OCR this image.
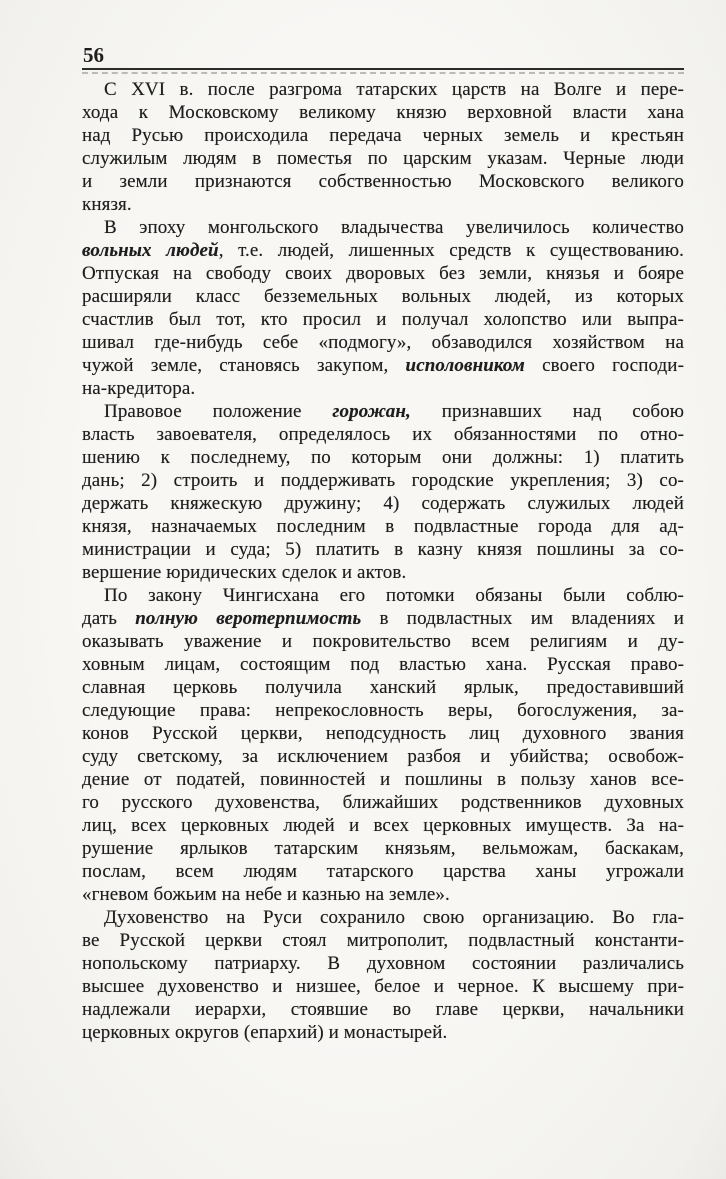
56
С XVI в. после разгрома татарских царств на Волге и пере-
хода к Московскому великому князю верховной власти хана
над Русью происходила передача черных земель и крестьян
служилым людям в поместья по царским указам. Черные люди
и земли признаются собственностью Московского великого
князя.
В эпоху монгольского владычества увеличилось количество
вольных людей, т.е. людей, лишенных средств к существованию.
Отпуская на свободу своих дворовых без земли, князья и бояре
расширяли класс безземельных вольных людей, из которых
счастлив был тот, кто просил и получал холопство или выпра-
шивал где-нибудь себе «подмогу», обзаводился хозяйством на
чужой земле, становясь закупом, исполовником своего господи-
на-кредитора.
Правовое положение горожан, признавших над собою
власть завоевателя, определялось их обязанностями по отно-
шению к последнему, по которым они должны: 1) платить
дань; 2) строить и поддерживать городские укрепления; 3) со-
держать княжескую дружину; 4) содержать служилых людей
князя, назначаемых последним в подвластные города для ад-
министрации и суда; 5) платить в казну князя пошлины за со-
вершение юридических сделок и актов.
По закону Чингисхана его потомки обязаны были соблю-
дать полную веротерпимость в подвластных им владениях и
оказывать уважение и покровительство всем религиям и ду-
ховным лицам, состоящим под властью хана. Русская право-
славная церковь получила ханский ярлык, предоставивший
следующие права: непрекословность веры, богослужения, за-
конов Русской церкви, неподсудность лиц духовного звания
суду светскому, за исключением разбоя и убийства; освобож-
дение от податей, повинностей и пошлины в пользу ханов все-
го русского духовенства, ближайших родственников духовных
лиц, всех церковных людей и всех церковных имуществ. За на-
рушение ярлыков татарским князьям, вельможам, баскакам,
послам, всем людям татарского царства ханы угрожали
«гневом божьим на небе и казнью на земле».
Духовенство на Руси сохранило свою организацию. Во гла-
ве Русской церкви стоял митрополит, подвластный константи-
нопольскому патриарху. В духовном состоянии различались
высшее духовенство и низшее, белое и черное. К высшему при-
надлежали иерархи, стоявшие во главе церкви, начальники
церковных округов (епархий) и монастырей.
